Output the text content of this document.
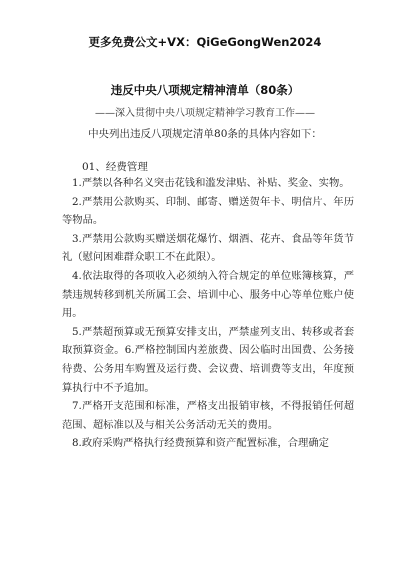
更多免费公文+VX：QiGeGongWen2024
违反中央八项规定精神清单（80条）
——深入贯彻中央八项规定精神学习教育工作——
中央列出违反八项规定清单80条的具体内容如下：
01、经费管理

1.严禁以各种名义突击花钱和滥发津贴、补贴、奖金、实物。

2.严禁用公款购买、印制、邮寄、赠送贺年卡、明信片、年历等物品。

3.严禁用公款购买赠送烟花爆竹、烟酒、花卉、食品等年货节礼（慰问困难群众职工不在此限）。

4.依法取得的各项收入必须纳入符合规定的单位账簿核算，严禁违规转移到机关所属工会、培训中心、服务中心等单位账户使用。

5.严禁超预算或无预算安排支出，严禁虚列支出、转移或者套取预算资金。6.严格控制国内差旅费、因公临时出国费、公务接待费、公务用车购置及运行费、会议费、培训费等支出，年度预算执行中不予追加。

7.严格开支范围和标准，严格支出报销审核，不得报销任何超范围、超标准以及与相关公务活动无关的费用。

8.政府采购严格执行经费预算和资产配置标准，合理确定
